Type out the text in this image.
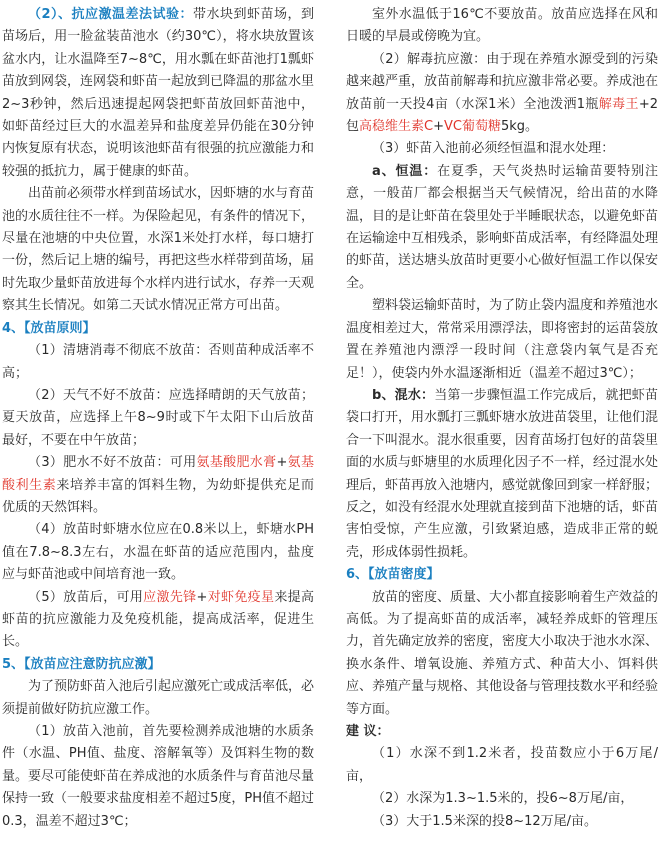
（2）、抗应激温差法试验：带水块到虾苗场，到苗场后，用一脸盆装苗池水（约30℃），将水块放置该盆水内，让水温降至7~8℃，用水瓢在虾苗池打1瓢虾苗放到网袋，连网袋和虾苗一起放到已降温的那盆水里2~3秒钟，然后迅速提起网袋把虾苗放回虾苗池中，如虾苗经过巨大的水温差异和盐度差异仍能在30分钟内恢复原有状态，说明该池虾苗有很强的抗应激能力和较强的抵抗力，属于健康的虾苗。

出苗前必须带水样到苗场试水，因虾塘的水与育苗池的水质往往不一样。为保险起见，有条件的情况下，尽量在池塘的中央位置，水深1米处打水样，每口塘打一份，然后记上塘的编号，再把这些水样带到苗场，届时先取少量虾苗放进每个水样内进行试水，存养一天观察其生长情况。如第二天试水情况正常方可出苗。

4、【放苗原则】

（1）清塘消毒不彻底不放苗：否则苗种成活率不高；

（2）天气不好不放苗：应选择晴朗的天气放苗；夏天放苗，应选择上午8~9时或下午太阳下山后放苗最好，不要在中午放苗；

（3）肥水不好不放苗：可用氨基酸肥水膏+氨基酸利生素来培养丰富的饵料生物，为幼虾提供充足而优质的天然饵料。

（4）放苗时虾塘水位应在0.8米以上，虾塘水PH值在7.8~8.3左右，水温在虾苗的适应范围内，盐度应与虾苗池或中间培育池一致。

（5）放苗后，可用应激先锋+对虾免疫星来提高虾苗的抗应激能力及免疫机能，提高成活率，促进生长。

5、【放苗应注意防抗应激】

为了预防虾苗入池后引起应激死亡或成活率低，必须提前做好防抗应激工作。

（1）放苗入池前，首先要检测养成池塘的水质条件（水温、PH值、盐度、溶解氧等）及饵料生物的数量。要尽可能使虾苗在养成池的水质条件与育苗池尽量保持一致（一般要求盐度相差不超过5度，PH值不超过0.3，温差不超过3℃；

室外水温低于16℃不要放苗。放苗应选择在风和日暖的早晨或傍晚为宜。

（2）解毒抗应激：由于现在养殖水源受到的污染越来越严重，放苗前解毒和抗应激非常必要。养成池在放苗前一天投4亩（水深1米）全池泼洒1瓶解毒王+2包高稳维生素C+VC葡萄糖5kg。

（3）虾苗入池前必须经恒温和混水处理：

a、恒温：在夏季，天气炎热时运输苗要特别注意，一般苗厂都会根据当天气候情况，给出苗的水降温，目的是让虾苗在袋里处于半睡眠状态，以避免虾苗在运输途中互相残杀，影响虾苗成活率，有经降温处理的虾苗，送达塘头放苗时更要小心做好恒温工作以保安全。

塑料袋运输虾苗时，为了防止袋内温度和养殖池水温度相差过大，常常采用漂浮法，即将密封的运苗袋放置在养殖池内漂浮一段时间（注意袋内氧气是否充足！），使袋内外水温逐渐相近（温差不超过3℃）；

b、混水：当第一步骤恒温工作完成后，就把虾苗袋口打开，用水瓢打三瓢虾塘水放进苗袋里，让他们混合一下叫混水。混水很重要，因育苗场打包好的苗袋里面的水质与虾塘里的水质理化因子不一样，经过混水处理后，虾苗再放入池塘内，感觉就像回到家一样舒服；反之，如没有经混水处理就直接到苗下池塘的话，虾苗害怕受惊，产生应激，引致紧迫感，造成非正常的蜕壳，形成体弱性损耗。

6、【放苗密度】

放苗的密度、质量、大小都直接影响着生产效益的高低。为了提高虾苗的成活率，减轻养成虾的管理压力，首先确定放养的密度，密度大小取决于池水水深、换水条件、增氧设施、养殖方式、种苗大小、饵料供应、养殖产量与规格、其他设备与管理技数水平和经验等方面。

建 议：

（1）水深不到1.2米者，投苗数应小于6万尾/亩，

（2）水深为1.3~1.5米的，投6~8万尾/亩，

（3）大于1.5米深的投8~12万尾/亩。
